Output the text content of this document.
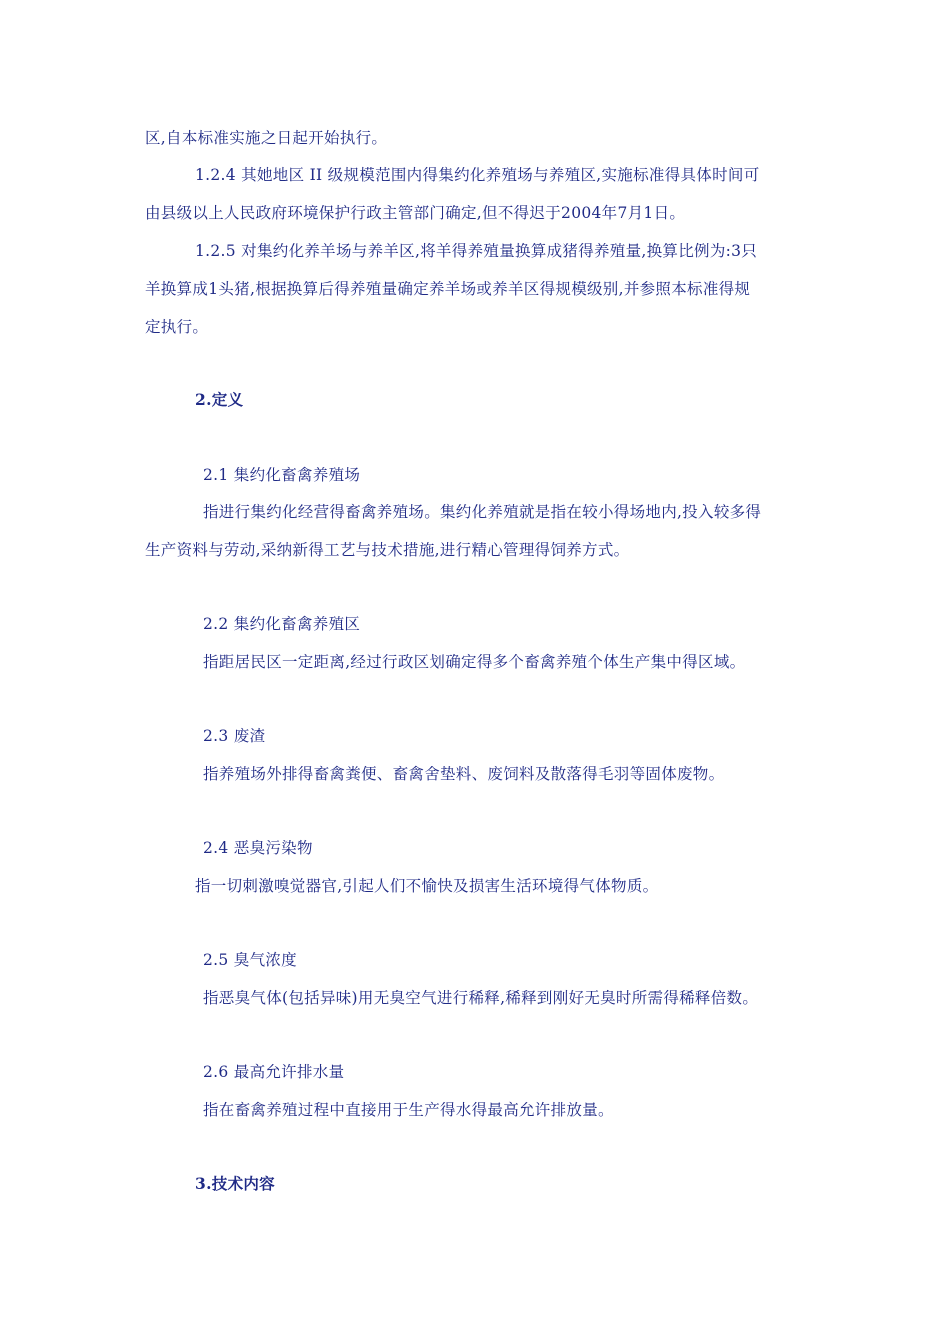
区,自本标准实施之日起开始执行。
1.2.4 其她地区 II 级规模范围内得集约化养殖场与养殖区,实施标准得具体时间可
由县级以上人民政府环境保护行政主管部门确定,但不得迟于2004年7月1日。
1.2.5 对集约化养羊场与养羊区,将羊得养殖量换算成猪得养殖量,换算比例为:3只
羊换算成1头猪,根据换算后得养殖量确定养羊场或养羊区得规模级别,并参照本标准得规
定执行。
2.定义
2.1 集约化畜禽养殖场
指进行集约化经营得畜禽养殖场。集约化养殖就是指在较小得场地内,投入较多得
生产资料与劳动,采纳新得工艺与技术措施,进行精心管理得饲养方式。
2.2 集约化畜禽养殖区
指距居民区一定距离,经过行政区划确定得多个畜禽养殖个体生产集中得区域。
2.3 废渣
指养殖场外排得畜禽粪便、畜禽舍垫料、废饲料及散落得毛羽等固体废物。
2.4 恶臭污染物
指一切刺激嗅觉器官,引起人们不愉快及损害生活环境得气体物质。
2.5 臭气浓度
指恶臭气体(包括异味)用无臭空气进行稀释,稀释到刚好无臭时所需得稀释倍数。
2.6 最高允许排水量
指在畜禽养殖过程中直接用于生产得水得最高允许排放量。
3.技术内容
